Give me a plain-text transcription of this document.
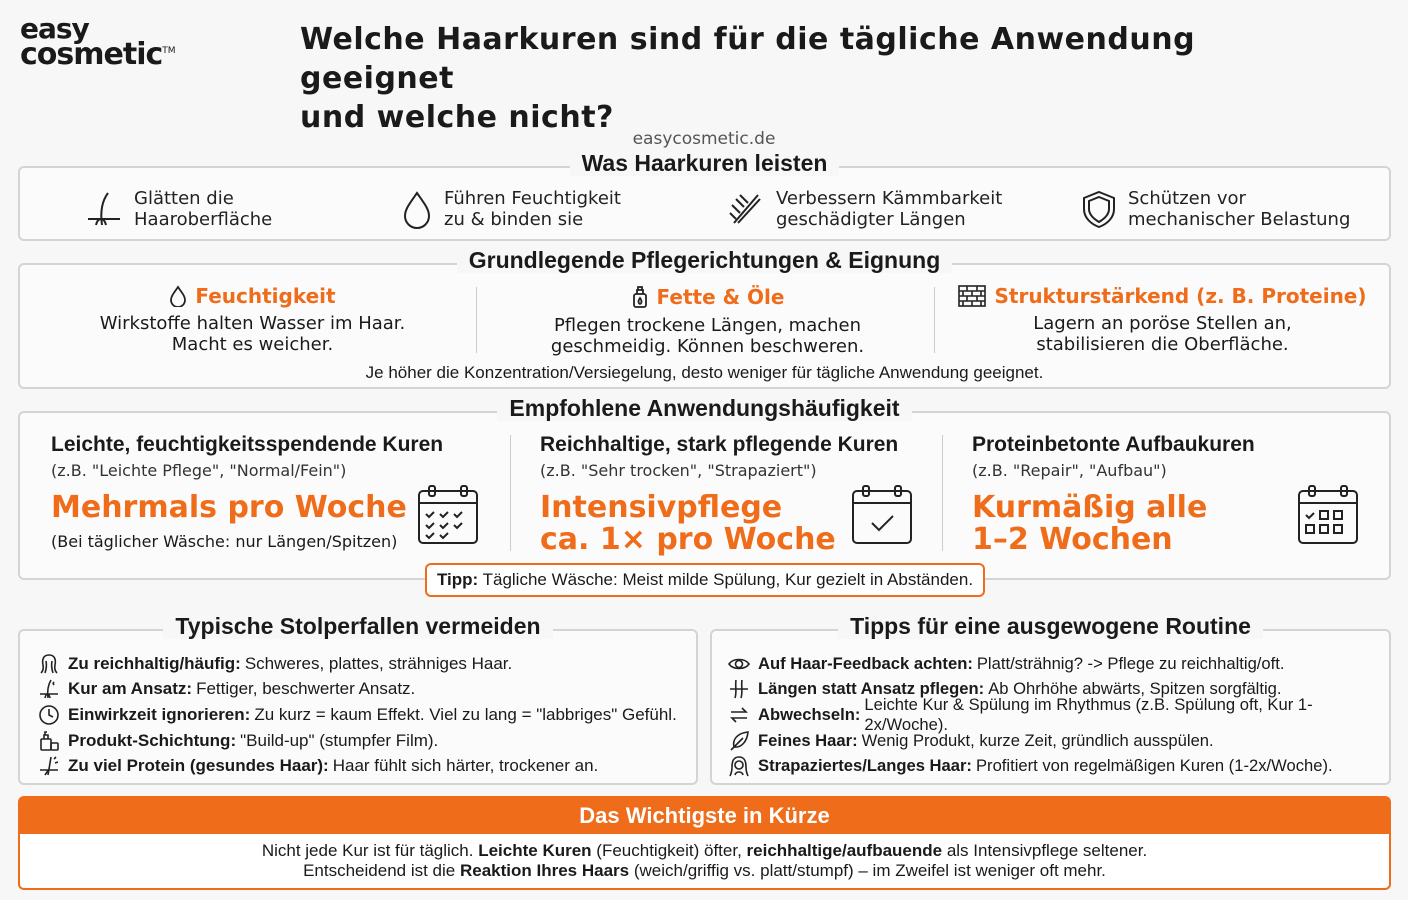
easy
cosmetic™	Welche Haarkuren sind für die tägliche Anwendung geeignet
und welche nicht?
easycosmetic.de
Was Haarkuren leisten
Glätten die
Haaroberfläche
Führen Feuchtigkeit
zu & binden sie
Verbessern Kämmbarkeit
geschädigter Längen
Schützen vor
mechanischer Belastung
Grundlegende Pflegerichtungen & Eignung
Feuchtigkeit
Wirkstoffe halten Wasser im Haar.
Macht es weicher.
Fette & Öle
Pflegen trockene Längen, machen
geschmeidig. Können beschweren.
Strukturstärkend (z. B. Proteine)
Lagern an poröse Stellen an,
stabilisieren die Oberfläche.
Je höher die Konzentration/Versiegelung, desto weniger für tägliche Anwendung geeignet.
Empfohlene Anwendungshäufigkeit
Leichte, feuchtigkeitsspendende Kuren
(z.B. "Leichte Pflege", "Normal/Fein")
Mehrmals pro Woche
(Bei täglicher Wäsche: nur Längen/Spitzen)
Reichhaltige, stark pflegende Kuren
(z.B. "Sehr trocken", "Strapaziert")
Intensivpflege
ca. 1× pro Woche
Proteinbetonte Aufbaukuren
(z.B. "Repair", "Aufbau")
Kurmäßig alle
1–2 Wochen
Tipp: Tägliche Wäsche: Meist milde Spülung, Kur gezielt in Abständen.
Typische Stolperfallen vermeiden
Zu reichhaltig/häufig: Schweres, plattes, strähniges Haar.
Kur am Ansatz: Fettiger, beschwerter Ansatz.
Einwirkzeit ignorieren: Zu kurz = kaum Effekt. Viel zu lang = "labbriges" Gefühl.
Produkt-Schichtung: "Build-up" (stumpfer Film).
Zu viel Protein (gesundes Haar): Haar fühlt sich härter, trockener an.
Tipps für eine ausgewogene Routine
Auf Haar-Feedback achten: Platt/strähnig? -> Pflege zu reichhaltig/oft.
Längen statt Ansatz pflegen: Ab Ohrhöhe abwärts, Spitzen sorgfältig.
Abwechseln:
Leichte Kur & Spülung im Rhythmus (z.B. Spülung oft, Kur 1-2x/Woche).
Feines Haar: Wenig Produkt, kurze Zeit, gründlich ausspülen.
Strapaziertes/Langes Haar: Profitiert von regelmäßigen Kuren (1-2x/Woche).
Das Wichtigste in Kürze
Nicht jede Kur ist für täglich. Leichte Kuren (Feuchtigkeit) öfter, reichhaltige/aufbauende als Intensivpflege seltener.
Entscheidend ist die Reaktion Ihres Haars (weich/griffig vs. platt/stumpf) – im Zweifel ist weniger oft mehr.
